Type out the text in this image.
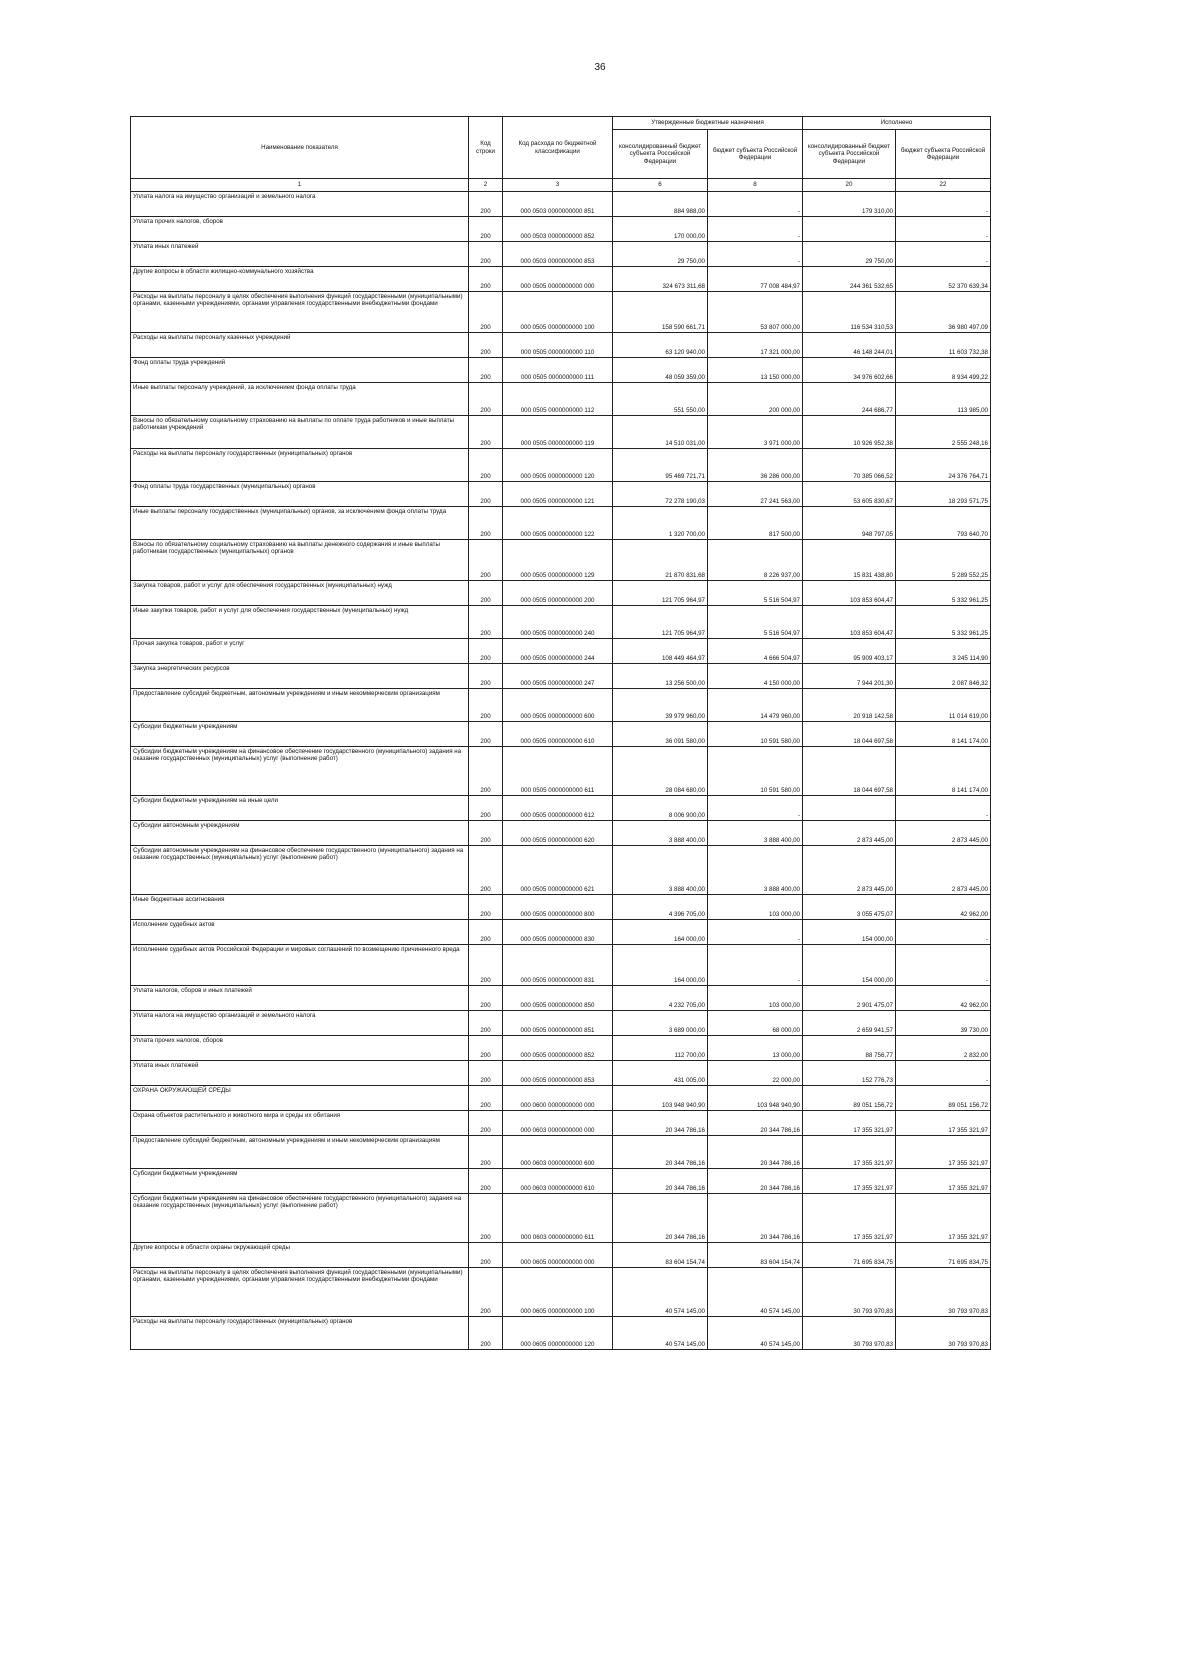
36
Наименование показателя	Код строки	Код расхода по бюджетной классификации	Утвержденные бюджетные назначения		Исполнено	
			консолидированный бюджет субъекта Российской Федерации	бюджет субъекта Российской Федерации	консолидированный бюджет субъекта Российской Федерации	бюджет субъекта Российской Федерации
1	2	3	6	8	20	22
Уплата налога на имущество организаций и земельного налога	200	000 0503 0000000000 851	884 988,00	-	179 310,00	-
Уплата прочих налогов, сборов	200	000 0503 0000000000 852	170 000,00	-		-
Уплата иных платежей	200	000 0503 0000000000 853	29 750,00	-	29 750,00	-
Другие вопросы в области жилищно-коммунального хозяйства	200	000 0505 0000000000 000	324 673 311,68	77 008 484,97	244 361 532,65	52 370 639,34
Расходы на выплаты персоналу в целях обеспечения выполнения функций государственными (муниципальными) органами, казенными учреждениями, органами управления государственными внебюджетными фондами	200	000 0505 0000000000 100	158 590 661,71	53 807 000,00	116 534 310,53	36 980 497,09
Расходы на выплаты персоналу казенных учреждений	200	000 0505 0000000000 110	63 120 940,00	17 321 000,00	46 148 244,01	11 603 732,38
Фонд оплаты труда учреждений	200	000 0505 0000000000 111	48 059 359,00	13 150 000,00	34 976 602,66	8 934 499,22
Иные выплаты персоналу учреждений, за исключением фонда оплаты труда	200	000 0505 0000000000 112	551 550,00	200 000,00	244 686,77	113 985,00
Взносы по обязательному социальному страхованию на выплаты по оплате труда работников и иные выплаты работникам учреждений	200	000 0505 0000000000 119	14 510 031,00	3 971 000,00	10 926 952,38	2 555 248,16
Расходы на выплаты персоналу государственных (муниципальных) органов	200	000 0505 0000000000 120	95 469 721,71	36 286 000,00	70 385 066,52	24 376 764,71
Фонд оплаты труда государственных (муниципальных) органов	200	000 0505 0000000000 121	72 278 190,03	27 241 563,00	53 605 830,67	18 293 571,75
Иные выплаты персоналу государственных (муниципальных) органов, за исключением фонда оплаты труда	200	000 0505 0000000000 122	1 320 700,00	817 500,00	948 797,05	793 640,70
Взносы по обязательному социальному страхованию на выплаты денежного содержания и иные выплаты работникам государственных (муниципальных) органов	200	000 0505 0000000000 129	21 870 831,68	8 226 937,00	15 831 438,80	5 289 552,25
Закупка товаров, работ и услуг для обеспечения государственных (муниципальных) нужд	200	000 0505 0000000000 200	121 705 964,97	5 516 504,97	103 853 604,47	5 332 961,25
Иные закупки товаров, работ и услуг для обеспечения государственных (муниципальных) нужд	200	000 0505 0000000000 240	121 705 964,97	5 516 504,97	103 853 604,47	5 332 961,25
Прочая закупка товаров, работ и услуг	200	000 0505 0000000000 244	108 449 464,97	4 666 504,97	95 909 403,17	3 245 114,90
Закупка энергетических ресурсов	200	000 0505 0000000000 247	13 256 500,00	4 150 000,00	7 944 201,30	2 087 846,32
Предоставление субсидий бюджетным, автономным учреждениям и иным некоммерческим организациям	200	000 0505 0000000000 600	39 979 960,00	14 479 960,00	20 918 142,58	11 014 619,00
Субсидии бюджетным учреждениям	200	000 0505 0000000000 610	36 091 580,00	10 591 580,00	18 044 697,58	8 141 174,00
Субсидии бюджетным учреждениям на финансовое обеспечение государственного (муниципального) задания на оказание государственных (муниципальных) услуг (выполнение работ)	200	000 0505 0000000000 611	28 084 680,00	10 591 580,00	18 044 697,58	8 141 174,00
Субсидии бюджетным учреждениям на иные цели	200	000 0505 0000000000 612	8 006 900,00	-		-
Субсидии автономным учреждениям	200	000 0505 0000000000 620	3 888 400,00	3 888 400,00	2 873 445,00	2 873 445,00
Субсидии автономным учреждениям на финансовое обеспечение государственного (муниципального) задания на оказание государственных (муниципальных) услуг (выполнение работ)	200	000 0505 0000000000 621	3 888 400,00	3 888 400,00	2 873 445,00	2 873 445,00
Иные бюджетные ассигнования	200	000 0505 0000000000 800	4 396 705,00	103 000,00	3 055 475,07	42 962,00
Исполнение судебных актов	200	000 0505 0000000000 830	164 000,00	-	154 000,00	-
Исполнение судебных актов Российской Федерации и мировых соглашений по возмещению причиненного вреда	200	000 0505 0000000000 831	164 000,00	-	154 000,00	-
Уплата налогов, сборов и иных платежей	200	000 0505 0000000000 850	4 232 705,00	103 000,00	2 901 475,07	42 962,00
Уплата налога на имущество организаций и земельного налога	200	000 0505 0000000000 851	3 689 000,00	68 000,00	2 659 941,57	39 730,00
Уплата прочих налогов, сборов	200	000 0505 0000000000 852	112 700,00	13 000,00	88 756,77	2 832,00
Уплата иных платежей	200	000 0505 0000000000 853	431 005,00	22 000,00	152 776,73	-
ОХРАНА ОКРУЖАЮЩЕЙ СРЕДЫ	200	000 0600 0000000000 000	103 948 940,90	103 948 940,90	89 051 156,72	89 051 156,72
Охрана объектов растительного и животного мира и среды их обитания	200	000 0603 0000000000 000	20 344 786,16	20 344 786,16	17 355 321,97	17 355 321,97
Предоставление субсидий бюджетным, автономным учреждениям и иным некоммерческим организациям	200	000 0603 0000000000 600	20 344 786,16	20 344 786,16	17 355 321,97	17 355 321,97
Субсидии бюджетным учреждениям	200	000 0603 0000000000 610	20 344 786,16	20 344 786,16	17 355 321,97	17 355 321,97
Субсидии бюджетным учреждениям на финансовое обеспечение государственного (муниципального) задания на оказание государственных (муниципальных) услуг (выполнение работ)	200	000 0603 0000000000 611	20 344 786,16	20 344 786,16	17 355 321,97	17 355 321,97
Другие вопросы в области охраны окружающей среды	200	000 0605 0000000000 000	83 604 154,74	83 604 154,74	71 695 834,75	71 695 834,75
Расходы на выплаты персоналу в целях обеспечения выполнения функций государственными (муниципальными) органами, казенными учреждениями, органами управления государственными внебюджетными фондами	200	000 0605 0000000000 100	40 574 145,00	40 574 145,00	30 793 970,83	30 793 970,83
Расходы на выплаты персоналу государственных (муниципальных) органов	200	000 0605 0000000000 120	40 574 145,00	40 574 145,00	30 793 970,83	30 793 970,83
